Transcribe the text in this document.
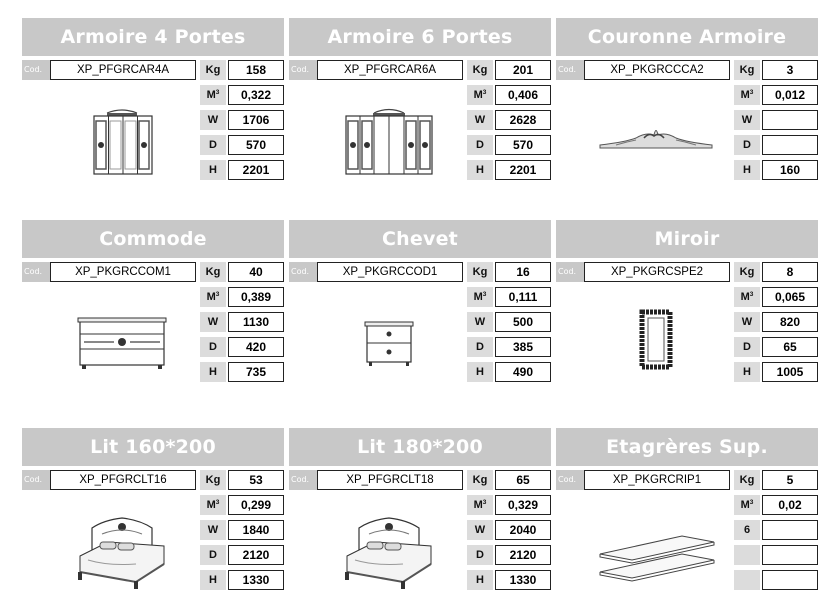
Armoire 4 Portes
Cod.	XP_PFGRCAR4A	Kg	158
$M^3$	0,322
W	1706
D	570
H	2201
Armoire 6 Portes
Cod.	XP_PFGRCAR6A	Kg	201
$M^3$	0,406
W	2628
D	570
H	2201
Couronne Armoire
Cod.	XP_PKGRCCCA2	Kg	3
$M^3$	0,012
W
D
H	160
Commode
Cod.	XP_PKGRCCOM1	Kg	40
$M^3$	0,389
W	1130
D	420
H	735
Chevet
Cod.	XP_PKGRCCOD1	Kg	16
$M^3$	0,111
W	500
D	385
H	490
Miroir
Cod.	XP_PKGRCSPE2	Kg	8
$M^3$	0,065
W	820
D	65
H	1005
Lit 160*200
Cod.	XP_PFGRCLT16	Kg	53
$M^3$	0,299
W	1840
D	2120
H	1330
Lit 180*200
Cod.	XP_PFGRCLT18	Kg	65
$M^3$	0,329
W	2040
D	2120
H	1330
Etagrères Sup.
Cod.	XP_PKGRCRIP1	Kg	5
$M^3$	0,02
6
